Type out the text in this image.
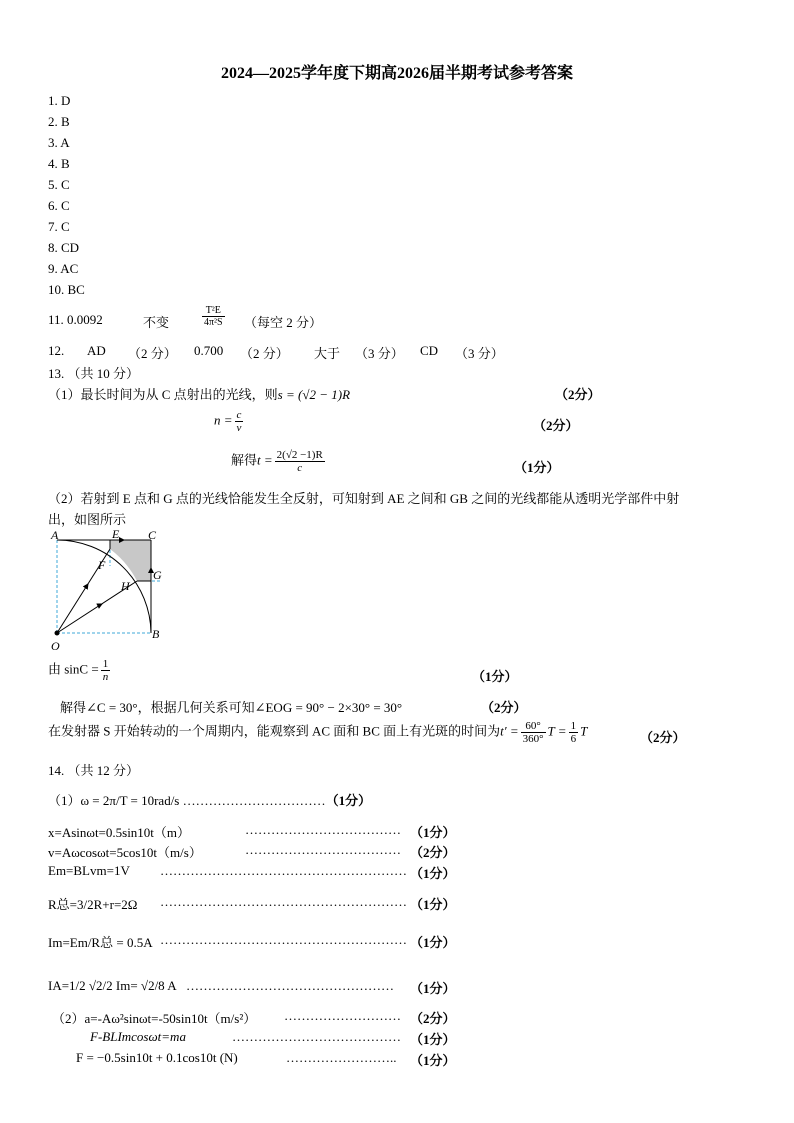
2024—2025学年度下期高2026届半期考试参考答案
1. D
2. B
3. A
4. B
5. C
6. C
7. C
8. CD
9. AC
10. BC
11. 0.0092	不变	$\frac{\text{T²E}}{\text{4π²S}}$ （每空 2 分）
12. AD （2 分） 0.700 （2 分） 大于 （3 分） CD （3 分）
13. （共 10 分）
（1）最长时间为从 C 点射出的光线，则s = (√2 − 1)R	（2分）
$n = \frac{c}{v}$	（2分）
解得$t = \frac{2(√2 -1)R}{c}$	（1分）
（2）若射到 E 点和 G 点的光线恰能发生全反射，可知射到 AE 之间和 GB 之间的光线都能从透明光学部件中射
出，如图所示
A	E C
F
G
H
O
B
由 $\sin C = \frac{1}{n}$	（1分）
解得∠C = 30°，根据几何关系可知∠EOG = 90° − 2×30° = 30°	（2分）
在发射器 S 开始转动的一个周期内，能观察到 AC 面和 BC 面上有光斑的时间为$t' = \frac{60^\circ}{360^\circ}$ $T = \frac{1}{6}$ T	（2分）
14. （共 12 分）
（1）ω = 2π/T = 10rad/s ……………………………（1分）
x=Asinωt=0.5sin10t（m）	……………………………… （1分）
v=Aωcosωt=5cos10t（m/s）	……………………………… （2分）
Em=BLvm=1V ………………………………………………… （1分）
R总=3/2R+r=2Ω ………………………………………………… （1分）
Im=Em/R总 = 0.5A ………………………………………………… （1分）
IA=1/2 √2/2 Im= √2/8 A ………………………………………… （1分）
（2）a=-Aω²sinωt=-50sin10t（m/s²） ……………………… （2分）
F-BLImcosωt=ma	………………………………… （1分）
F = −0.5sin10t + 0.1cos10t (N)	…………………….. （1分）
